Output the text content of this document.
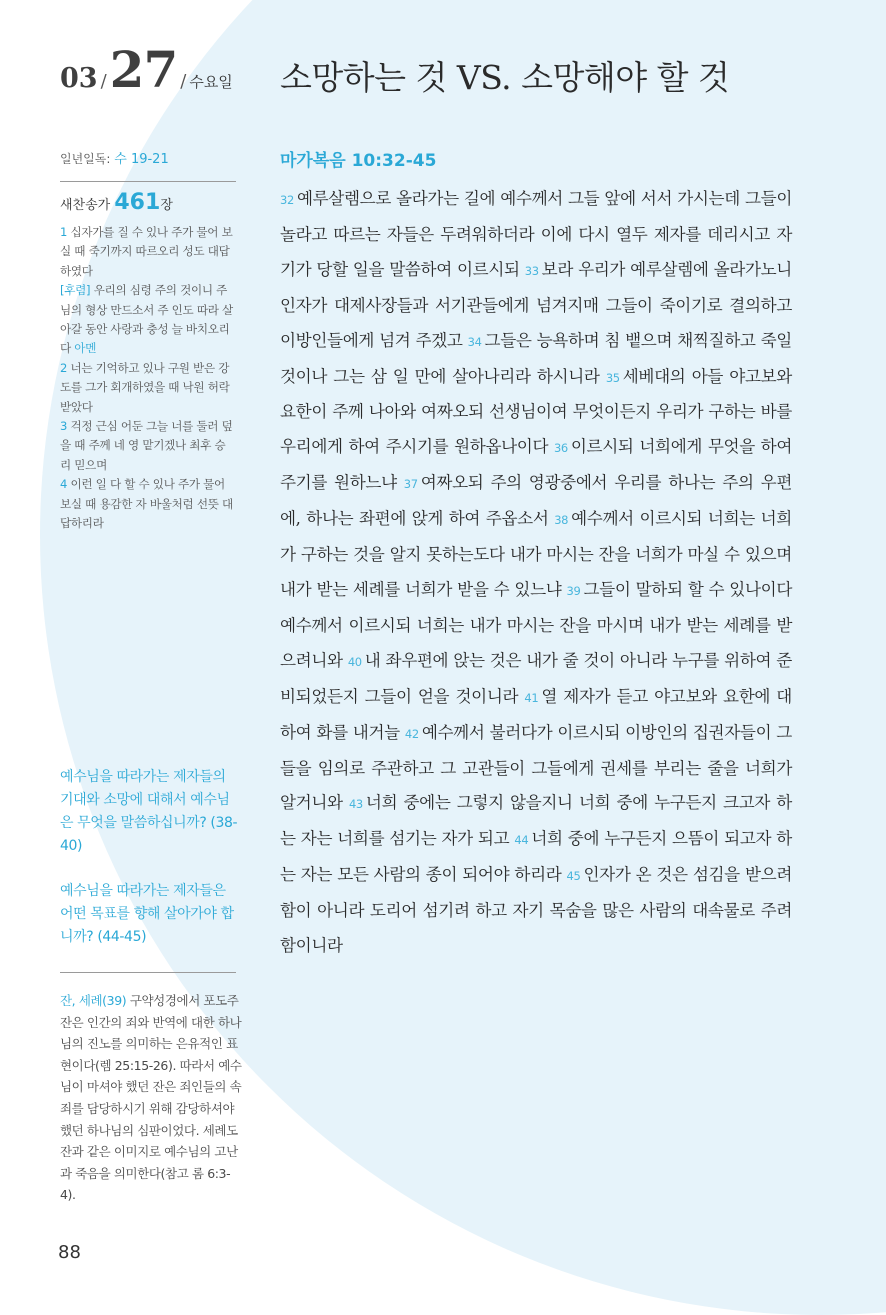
03 /27 / 수요일 소망하는 것 VS. 소망해야 할 것

일년일독: 수 19-21

새찬송가 461장

1 십자가를 질 수 있나 주가 물어 보실 때 죽기까지 따르오리 성도 대답하였다

[후렴] 우리의 심령 주의 것이니 주님의 형상 만드소서 주 인도 따라 살아갈 동안 사랑과 충성 늘 바치오리다 아멘

2 너는 기억하고 있나 구원 받은 강도를 그가 회개하였을 때 낙원 허락 받았다

3 걱정 근심 어둔 그늘 너를 둘러 덮을 때 주께 네 영 맡기겠나 최후 승리 믿으며

4 이런 일 다 할 수 있나 주가 물어 보실 때 용감한 자 바울처럼 선뜻 대답하리라

예수님을 따라가는 제자들의 기대와 소망에 대해서 예수님은 무엇을 말씀하십니까? (38-40)

예수님을 따라가는 제자들은 어떤 목표를 향해 살아가야 합니까? (44-45)

잔, 세례(39) 구약성경에서 포도주 잔은 인간의 죄와 반역에 대한 하나님의 진노를 의미하는 은유적인 표현이다(렘 25:15-26). 따라서 예수님이 마셔야 했던 잔은 죄인들의 속죄를 담당하시기 위해 감당하셔야 했던 하나님의 심판이었다. 세례도 잔과 같은 이미지로 예수님의 고난과 죽음을 의미한다(참고 롬 6:3-4).

88

마가복음 10:32-45

32 예루살렘으로 올라가는 길에 예수께서 그들 앞에 서서 가시는데 그들이 놀라고 따르는 자들은 두려워하더라 이에 다시 열두 제자를 데리시고 자기가 당할 일을 말씀하여 이르시되 33 보라 우리가 예루살렘에 올라가노니 인자가 대제사장들과 서기관들에게 넘겨지매 그들이 죽이기로 결의하고 이방인들에게 넘겨 주겠고 34 그들은 능욕하며 침 뱉으며 채찍질하고 죽일 것이나 그는 삼 일 만에 살아나리라 하시니라 35 세베대의 아들 야고보와 요한이 주께 나아와 여짜오되 선생님이여 무엇이든지 우리가 구하는 바를 우리에게 하여 주시기를 원하옵나이다 36 이르시되 너희에게 무엇을 하여 주기를 원하느냐 37 여짜오되 주의 영광중에서 우리를 하나는 주의 우편에, 하나는 좌편에 앉게 하여 주옵소서 38 예수께서 이르시되 너희는 너희가 구하는 것을 알지 못하는도다 내가 마시는 잔을 너희가 마실 수 있으며 내가 받는 세례를 너희가 받을 수 있느냐 39 그들이 말하되 할 수 있나이다 예수께서 이르시되 너희는 내가 마시는 잔을 마시며 내가 받는 세례를 받으려니와 40 내 좌우편에 앉는 것은 내가 줄 것이 아니라 누구를 위하여 준비되었든지 그들이 얻을 것이니라 41 열 제자가 듣고 야고보와 요한에 대하여 화를 내거늘 42 예수께서 불러다가 이르시되 이방인의 집권자들이 그들을 임의로 주관하고 그 고관들이 그들에게 권세를 부리는 줄을 너희가 알거니와 43 너희 중에는 그렇지 않을지니 너희 중에 누구든지 크고자 하는 자는 너희를 섬기는 자가 되고 44 너희 중에 누구든지 으뜸이 되고자 하는 자는 모든 사람의 종이 되어야 하리라 45 인자가 온 것은 섬김을 받으려 함이 아니라 도리어 섬기려 하고 자기 목숨을 많은 사람의 대속물로 주려 함이니라
